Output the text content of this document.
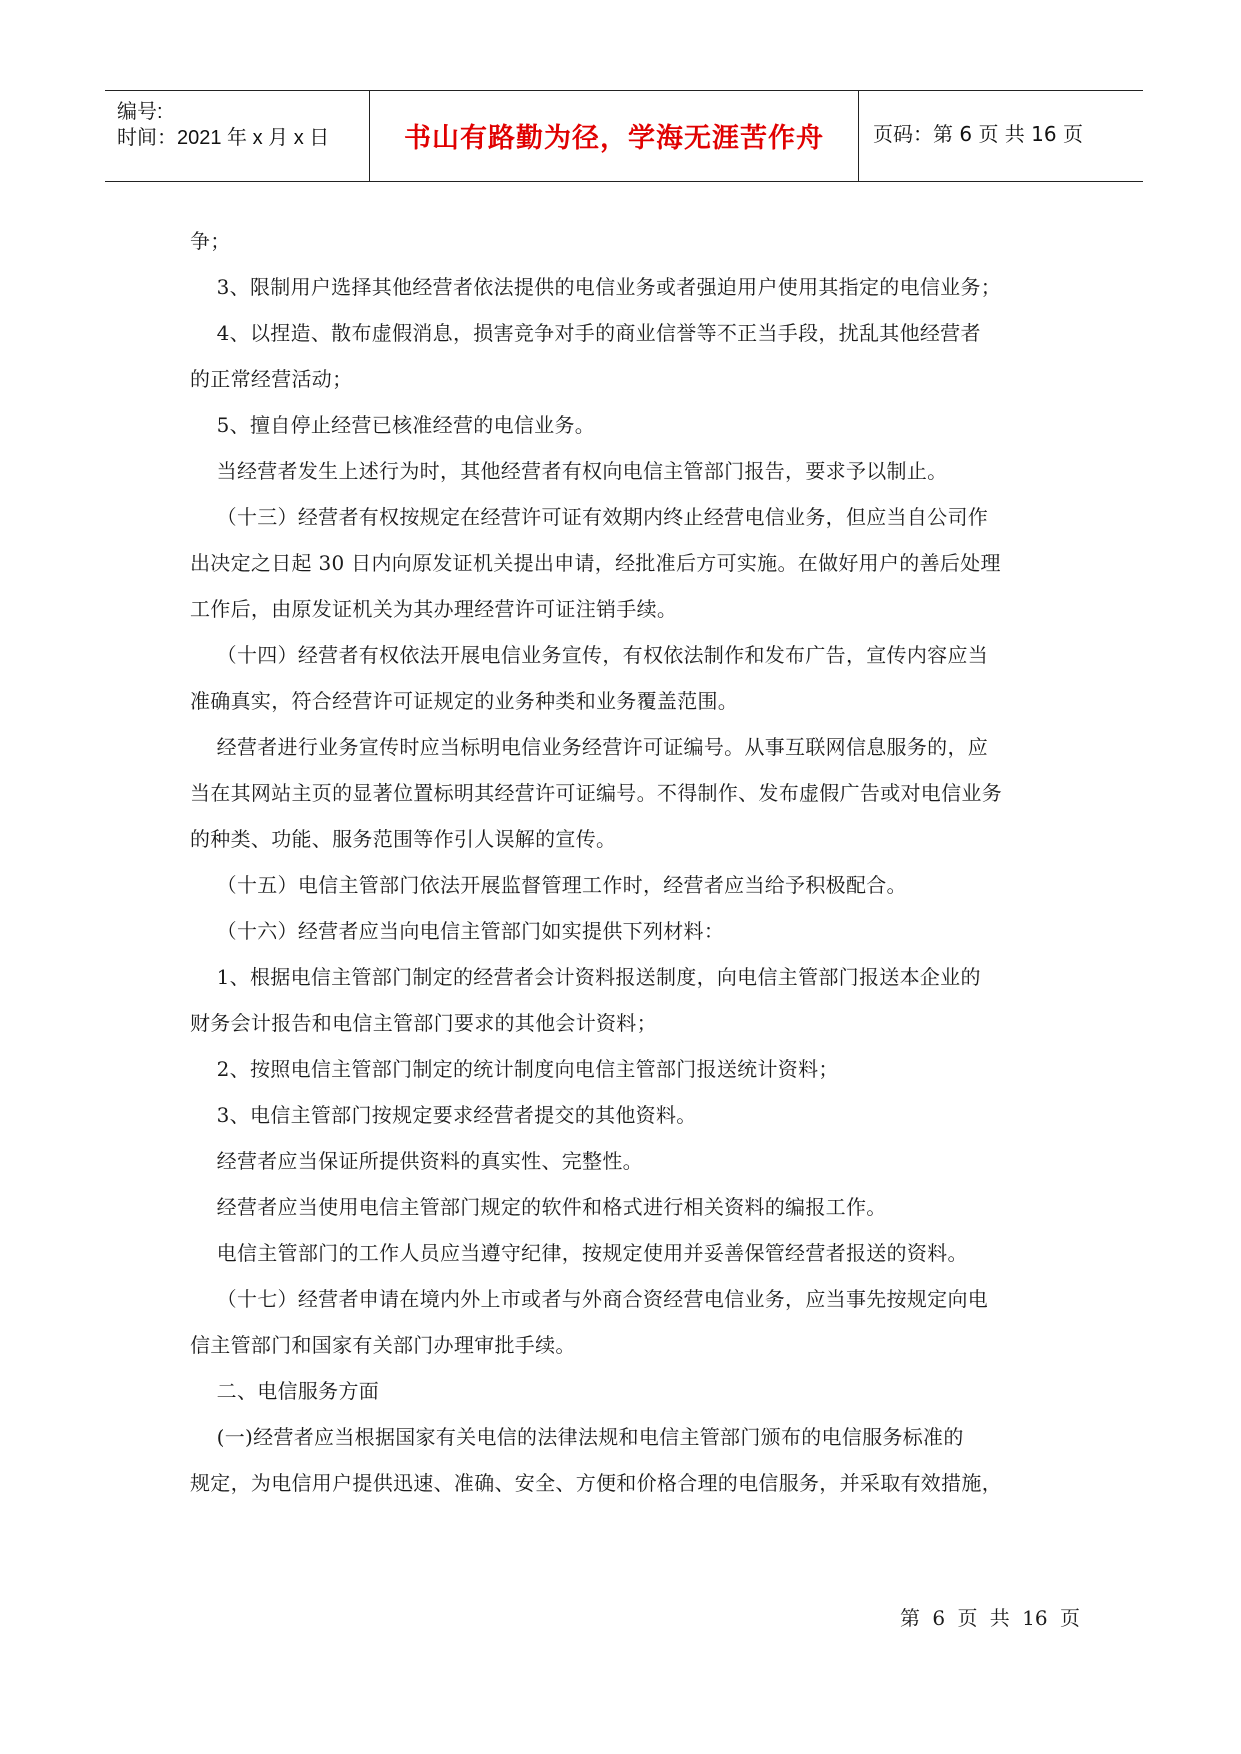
编号:
时间：2021 年 x 月 x 日	书山有路勤为径，学海无涯苦作舟 页码：第 6 页 共 16 页

争；

3、限制用户选择其他经营者依法提供的电信业务或者强迫用户使用其指定的电信业务；

4、以捏造、散布虚假消息，损害竞争对手的商业信誉等不正当手段，扰乱其他经营者

的正常经营活动；

5、擅自停止经营已核准经营的电信业务。

当经营者发生上述行为时，其他经营者有权向电信主管部门报告，要求予以制止。

（十三）经营者有权按规定在经营许可证有效期内终止经营电信业务，但应当自公司作

出决定之日起 30 日内向原发证机关提出申请，经批准后方可实施。在做好用户的善后处理

工作后，由原发证机关为其办理经营许可证注销手续。

（十四）经营者有权依法开展电信业务宣传，有权依法制作和发布广告，宣传内容应当

准确真实，符合经营许可证规定的业务种类和业务覆盖范围。

经营者进行业务宣传时应当标明电信业务经营许可证编号。从事互联网信息服务的，应

当在其网站主页的显著位置标明其经营许可证编号。不得制作、发布虚假广告或对电信业务

的种类、功能、服务范围等作引人误解的宣传。

（十五）电信主管部门依法开展监督管理工作时，经营者应当给予积极配合。

（十六）经营者应当向电信主管部门如实提供下列材料：

1、根据电信主管部门制定的经营者会计资料报送制度，向电信主管部门报送本企业的

财务会计报告和电信主管部门要求的其他会计资料；

2、按照电信主管部门制定的统计制度向电信主管部门报送统计资料；

3、电信主管部门按规定要求经营者提交的其他资料。

经营者应当保证所提供资料的真实性、完整性。

经营者应当使用电信主管部门规定的软件和格式进行相关资料的编报工作。

电信主管部门的工作人员应当遵守纪律，按规定使用并妥善保管经营者报送的资料。

（十七）经营者申请在境内外上市或者与外商合资经营电信业务，应当事先按规定向电

信主管部门和国家有关部门办理审批手续。

二、电信服务方面

(一)经营者应当根据国家有关电信的法律法规和电信主管部门颁布的电信服务标准的

规定，为电信用户提供迅速、准确、安全、方便和价格合理的电信服务，并采取有效措施，

第 6 页 共 16 页
